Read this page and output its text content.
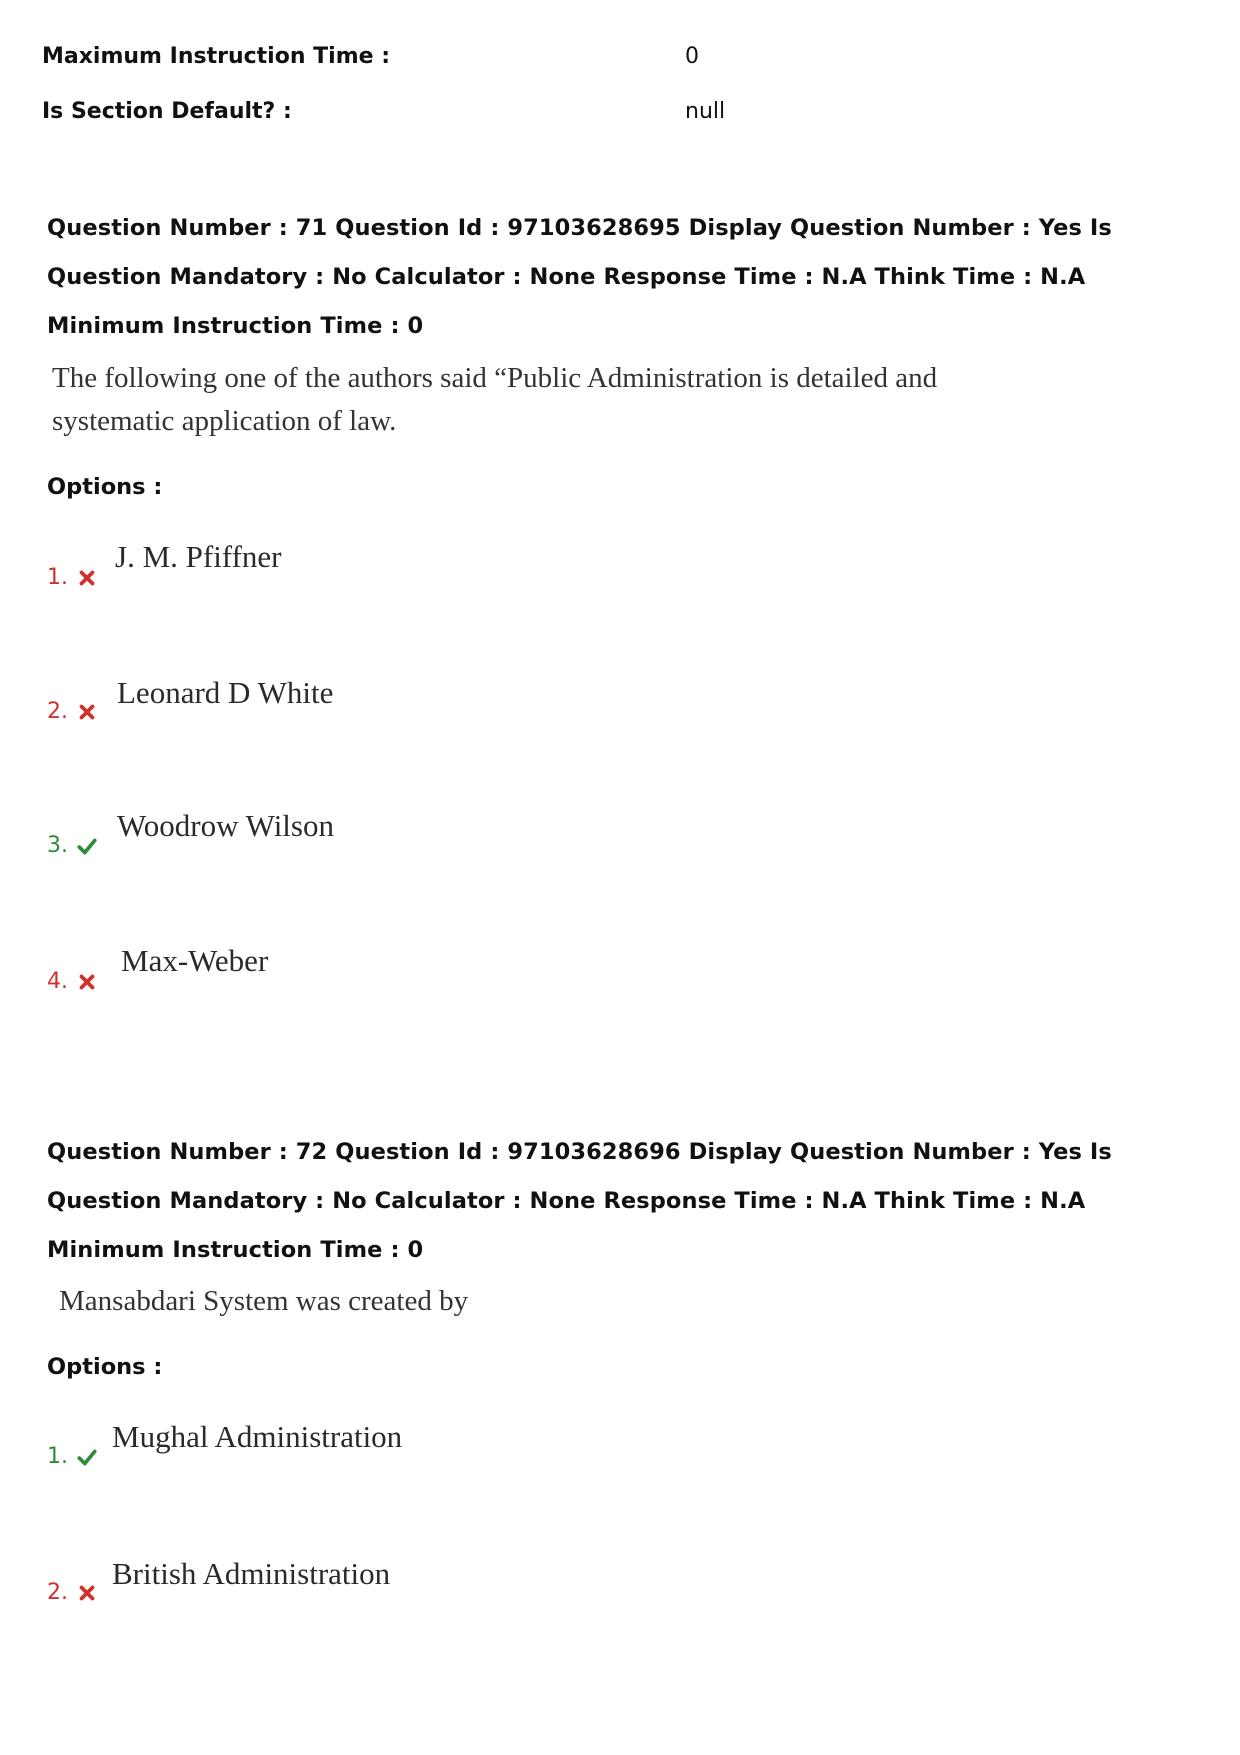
Maximum Instruction Time :	0
Is Section Default? :	null
Question Number : 71 Question Id : 97103628695 Display Question Number : Yes Is Question Mandatory : No Calculator : None Response Time : N.A Think Time : N.A Minimum Instruction Time : 0
The following one of the authors said “Public Administration is detailed and systematic application of law.
Options :
1.
J. M. Pfiffner
2.
Leonard D White
3.
Woodrow Wilson
4.
Max-Weber
Question Number : 72 Question Id : 97103628696 Display Question Number : Yes Is Question Mandatory : No Calculator : None Response Time : N.A Think Time : N.A Minimum Instruction Time : 0
Mansabdari System was created by
Options :
1.
Mughal Administration
2.
British Administration
